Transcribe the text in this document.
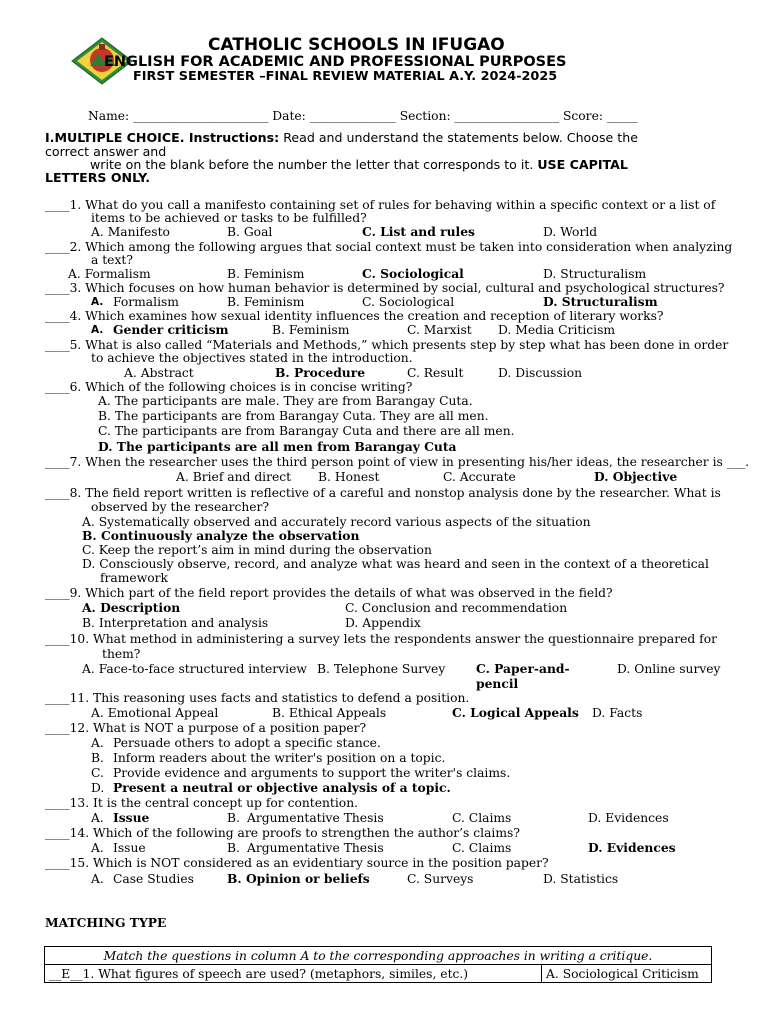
CATHOLIC SCHOOLS IN IFUGAO
ENGLISH FOR ACADEMIC AND PROFESSIONAL PURPOSES
FIRST SEMESTER –FINAL REVIEW MATERIAL A.Y. 2024-2025
Name: ______________________ Date: ______________ Section: _________________ Score: _____
I.MULTIPLE CHOICE. Instructions: Read and understand the statements below. Choose the
correct answer and
write on the blank before the number the letter that corresponds to it. USE CAPITAL
LETTERS ONLY.
____1. What do you call a manifesto containing set of rules for behaving within a specific context or a list of
items to be achieved or tasks to be fulfilled?
A. Manifesto	B. Goal	C. List and rules	D. World
____2. Which among the following argues that social context must be taken into consideration when analyzing
a text?
A. Formalism	B. Feminism	C. Sociological	D. Structuralism
____3. Which focuses on how human behavior is determined by social, cultural and psychological structures?
A. Formalism	B. Feminism	C. Sociological	D. Structuralism
____4. Which examines how sexual identity influences the creation and reception of literary works?
A. Gender criticism	B. Feminism	C. Marxist D. Media Criticism
____5. What is also called “Materials and Methods,” which presents step by step what has been done in order
to achieve the objectives stated in the introduction.
A. Abstract	B. Procedure	C. Result	D. Discussion
____6. Which of the following choices is in concise writing?
A. The participants are male. They are from Barangay Cuta.
B. The participants are from Barangay Cuta. They are all men.
C. The participants are from Barangay Cuta and there are all men.
D. The participants are all men from Barangay Cuta
____7. When the researcher uses the third person point of view in presenting his/her ideas, the researcher is ___.
A. Brief and direct B. Honest	C. Accurate	D. Objective
____8. The field report written is reflective of a careful and nonstop analysis done by the researcher. What is
observed by the researcher?
A. Systematically observed and accurately record various aspects of the situation
B. Continuously analyze the observation
C. Keep the report’s aim in mind during the observation
D. Consciously observe, record, and analyze what was heard and seen in the context of a theoretical
framework
____9. Which part of the field report provides the details of what was observed in the field?
A. Description	C. Conclusion and recommendation
B. Interpretation and analysis	D. Appendix
____10. What method in administering a survey lets the respondents answer the questionnaire prepared for
them?
A. Face-to-face structured interview B. Telephone Survey C. Paper-and-
pencil
D. Online survey
____11. This reasoning uses facts and statistics to defend a position.
A. Emotional Appeal	B. Ethical Appeals	C. Logical Appeals D. Facts
____12. What is NOT a purpose of a position paper?
A. Persuade others to adopt a specific stance.
B. Inform readers about the writer's position on a topic.
C. Provide evidence and arguments to support the writer's claims.
D. Present a neutral or objective analysis of a topic.
____13. It is the central concept up for contention.
A. Issue	B. Argumentative Thesis	C. Claims	D. Evidences
____14. Which of the following are proofs to strengthen the author’s claims?
A. Issue	B. Argumentative Thesis	C. Claims	D. Evidences
____15. Which is NOT considered as an evidentiary source in the position paper?
A. Case Studies	B. Opinion or beliefs	C. Surveys	D. Statistics
MATCHING TYPE
Match the questions in column A to the corresponding approaches in writing a critique.
__E__1. What figures of speech are used? (metaphors, similes, etc.)	A. Sociological Criticism
